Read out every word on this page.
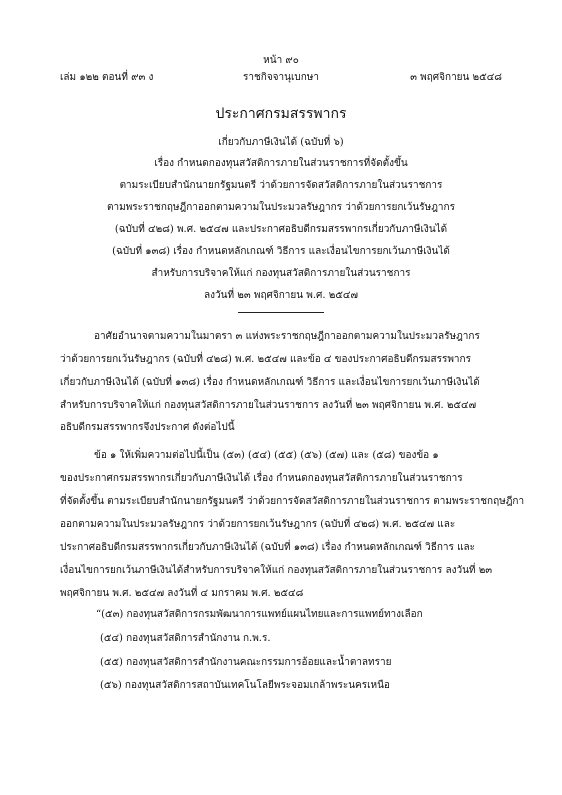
หน้า ๙๐
เล่ม ๑๒๒ ตอนที่ ๙๓ ง	ราชกิจจานุเบกษา	๓ พฤศจิกายน ๒๕๔๘
ประกาศกรมสรรพากร
เกี่ยวกับภาษีเงินได้ (ฉบับที่ ๖)
เรื่อง กำหนดกองทุนสวัสดิการภายในส่วนราชการที่จัดตั้งขึ้น
ตามระเบียบสำนักนายกรัฐมนตรี ว่าด้วยการจัดสวัสดิการภายในส่วนราชการ
ตามพระราชกฤษฎีกาออกตามความในประมวลรัษฎากร ว่าด้วยการยกเว้นรัษฎากร
(ฉบับที่ ๔๒๘) พ.ศ. ๒๕๔๗ และประกาศอธิบดีกรมสรรพากรเกี่ยวกับภาษีเงินได้
(ฉบับที่ ๑๓๘) เรื่อง กำหนดหลักเกณฑ์ วิธีการ และเงื่อนไขการยกเว้นภาษีเงินได้
สำหรับการบริจาคให้แก่ กองทุนสวัสดิการภายในส่วนราชการ
ลงวันที่ ๒๓ พฤศจิกายน พ.ศ. ๒๕๔๗
อาศัยอำนาจตามความในมาตรา ๓ แห่งพระราชกฤษฎีกาออกตามความในประมวลรัษฎากร
ว่าด้วยการยกเว้นรัษฎากร (ฉบับที่ ๔๒๘) พ.ศ. ๒๕๔๗ และข้อ ๔ ของประกาศอธิบดีกรมสรรพากร
เกี่ยวกับภาษีเงินได้ (ฉบับที่ ๑๓๘) เรื่อง กำหนดหลักเกณฑ์ วิธีการ และเงื่อนไขการยกเว้นภาษีเงินได้
สำหรับการบริจาคให้แก่ กองทุนสวัสดิการภายในส่วนราชการ ลงวันที่ ๒๓ พฤศจิกายน พ.ศ. ๒๕๔๗
อธิบดีกรมสรรพากรจึงประกาศ ดังต่อไปนี้
ข้อ ๑ ให้เพิ่มความต่อไปนี้เป็น (๕๓) (๕๔) (๕๕) (๕๖) (๕๗) และ (๕๘) ของข้อ ๑
ของประกาศกรมสรรพากรเกี่ยวกับภาษีเงินได้ เรื่อง กำหนดกองทุนสวัสดิการภายในส่วนราชการ
ที่จัดตั้งขึ้น ตามระเบียบสำนักนายกรัฐมนตรี ว่าด้วยการจัดสวัสดิการภายในส่วนราชการ ตามพระราชกฤษฎีกา
ออกตามความในประมวลรัษฎากร ว่าด้วยการยกเว้นรัษฎากร (ฉบับที่ ๔๒๘) พ.ศ. ๒๕๔๗ และ
ประกาศอธิบดีกรมสรรพากรเกี่ยวกับภาษีเงินได้ (ฉบับที่ ๑๓๘) เรื่อง กำหนดหลักเกณฑ์ วิธีการ และ
เงื่อนไขการยกเว้นภาษีเงินได้สำหรับการบริจาคให้แก่ กองทุนสวัสดิการภายในส่วนราชการ ลงวันที่ ๒๓
พฤศจิกายน พ.ศ. ๒๕๔๗ ลงวันที่ ๔ มกราคม พ.ศ. ๒๕๔๘
“(๕๓) กองทุนสวัสดิการกรมพัฒนาการแพทย์แผนไทยและการแพทย์ทางเลือก
(๕๔) กองทุนสวัสดิการสำนักงาน ก.พ.ร.
(๕๕) กองทุนสวัสดิการสำนักงานคณะกรรมการอ้อยและน้ำตาลทราย
(๕๖) กองทุนสวัสดิการสถาบันเทคโนโลยีพระจอมเกล้าพระนครเหนือ
